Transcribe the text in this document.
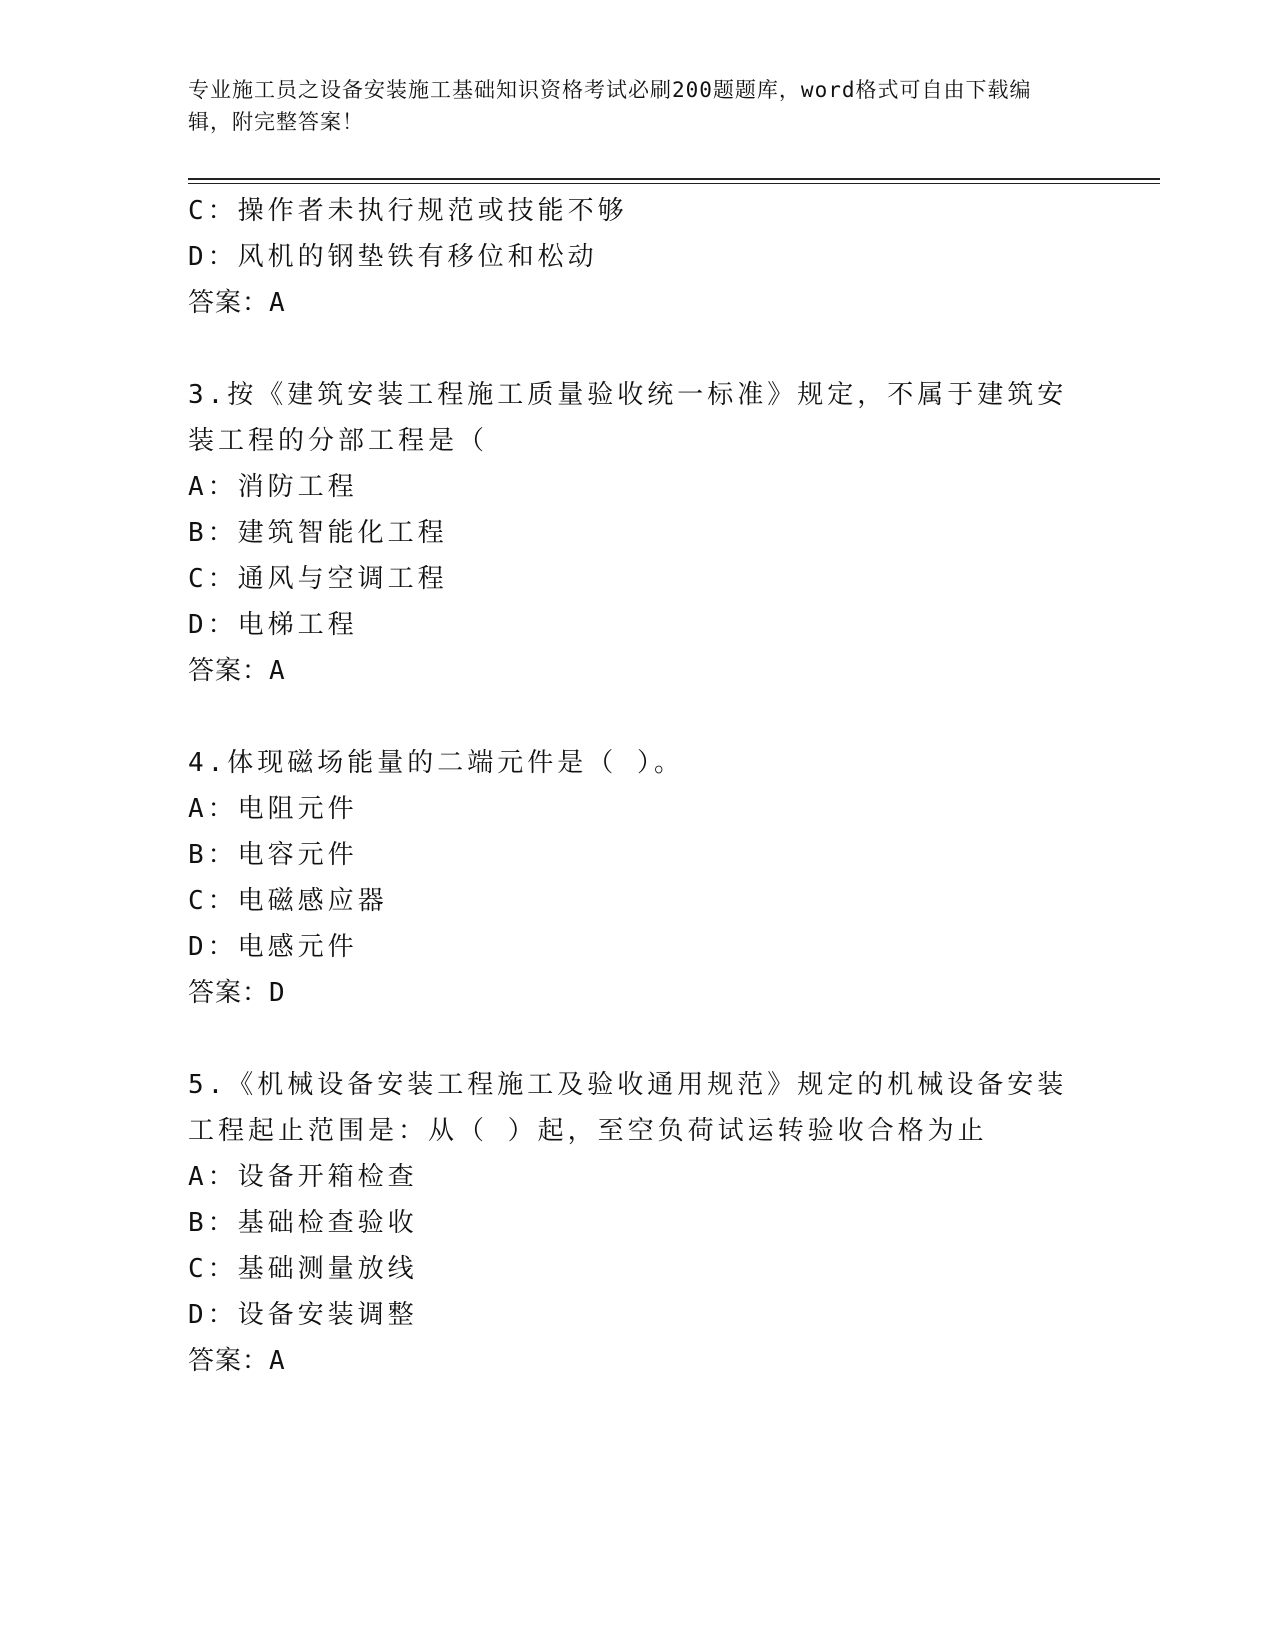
专业施工员之设备安装施工基础知识资格考试必刷200题题库，word格式可自由下载编辑，附完整答案！
C：操作者未执行规范或技能不够
D：风机的钢垫铁有移位和松动
答案：A
3.按《建筑安装工程施工质量验收统一标准》规定，不属于建筑安装工程的分部工程是（
A：消防工程
B：建筑智能化工程
C：通风与空调工程
D：电梯工程
答案：A
4.体现磁场能量的二端元件是（ ）。
A：电阻元件
B：电容元件
C：电磁感应器
D：电感元件
答案：D
5.《机械设备安装工程施工及验收通用规范》规定的机械设备安装工程起止范围是：从（ ）起，至空负荷试运转验收合格为止
A：设备开箱检查
B：基础检查验收
C：基础测量放线
D：设备安装调整
答案：A
